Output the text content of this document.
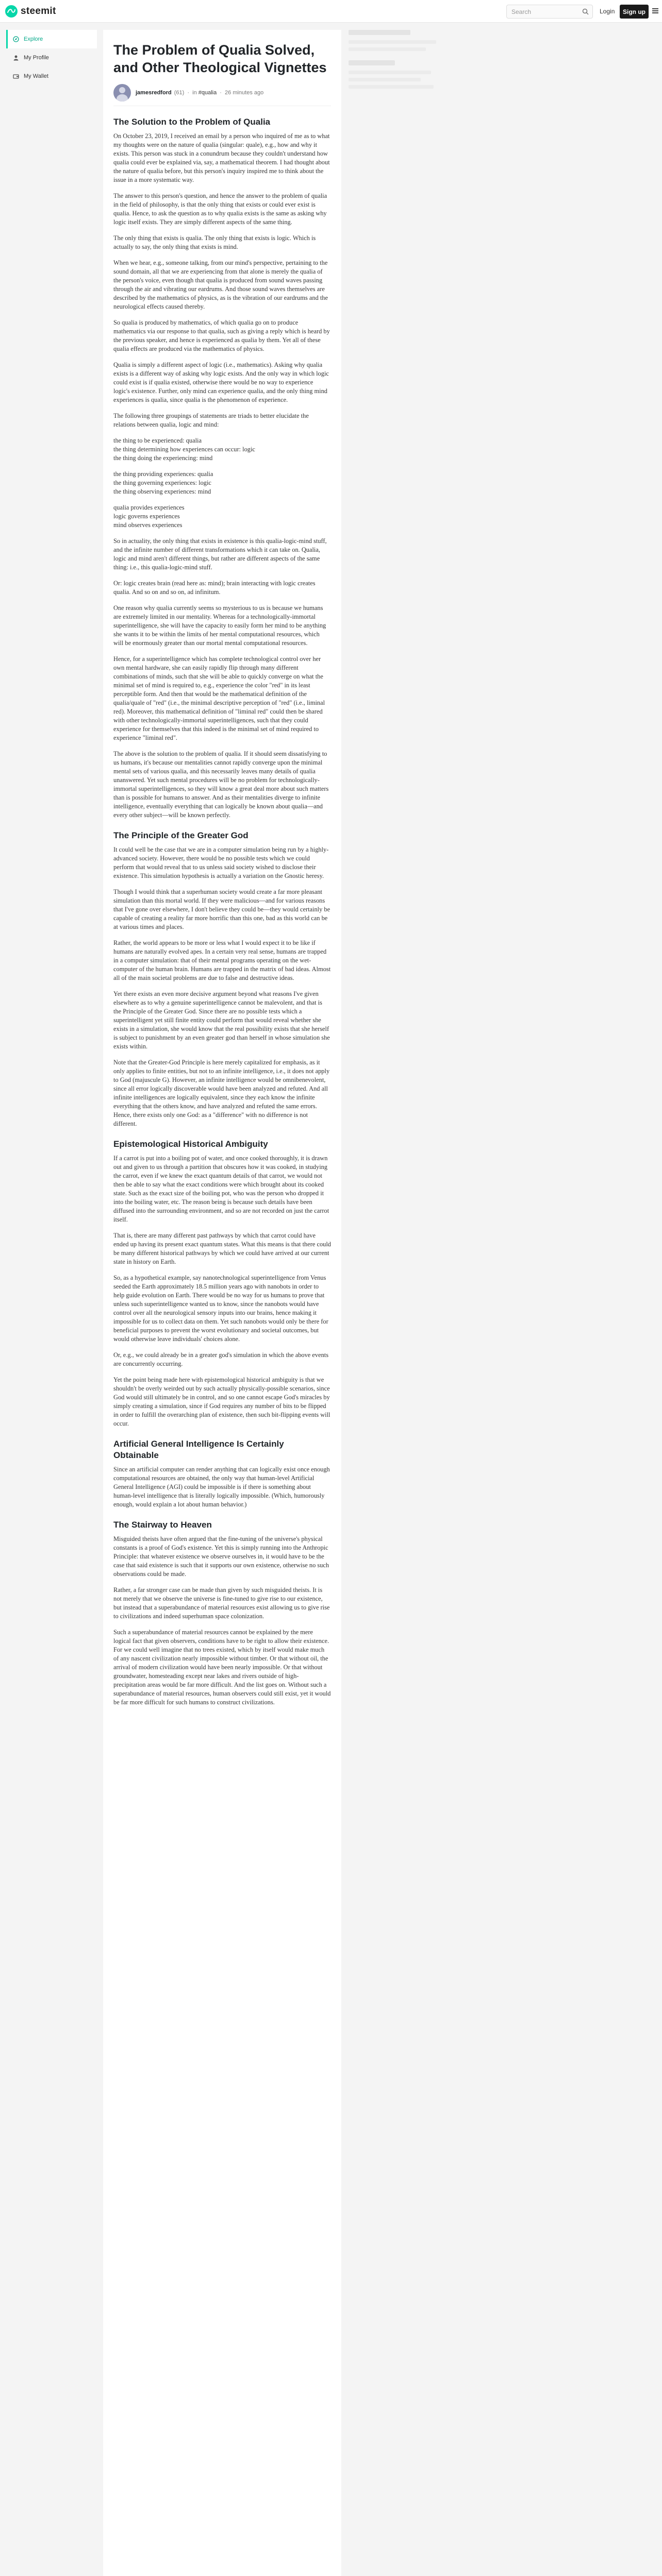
steemit
Search	Login	Sign up
Explore
My Profile
My Wallet
The Problem of Qualia Solved, and Other Theological Vignettes
jamesredford (61) · in #qualia · 26 minutes ago
The Solution to the Problem of Qualia

On October 23, 2019, I received an email by a person who inquired of me as to what my thoughts were on the nature of qualia (singular: quale), e.g., how and why it exists. This person was stuck in a conundrum because they couldn't understand how qualia could ever be explained via, say, a mathematical theorem. I had thought about the nature of qualia before, but this person's inquiry inspired me to think about the issue in a more systematic way.

The answer to this person's question, and hence the answer to the problem of qualia in the field of philosophy, is that the only thing that exists or could ever exist is qualia. Hence, to ask the question as to why qualia exists is the same as asking why logic itself exists. They are simply different aspects of the same thing.

The only thing that exists is qualia. The only thing that exists is logic. Which is actually to say, the only thing that exists is mind.

When we hear, e.g., someone talking, from our mind's perspective, pertaining to the sound domain, all that we are experiencing from that alone is merely the qualia of the person's voice, even though that qualia is produced from sound waves passing through the air and vibrating our eardrums. And those sound waves themselves are described by the mathematics of physics, as is the vibration of our eardrums and the neurological effects caused thereby.

So qualia is produced by mathematics, of which qualia go on to produce mathematics via our response to that qualia, such as giving a reply which is heard by the previous speaker, and hence is experienced as qualia by them. Yet all of these qualia effects are produced via the mathematics of physics.

Qualia is simply a different aspect of logic (i.e., mathematics). Asking why qualia exists is a different way of asking why logic exists. And the only way in which logic could exist is if qualia existed, otherwise there would be no way to experience logic's existence. Further, only mind can experience qualia, and the only thing mind experiences is qualia, since qualia is the phenomenon of experience.

The following three groupings of statements are triads to better elucidate the relations between qualia, logic and mind:

the thing to be experienced: qualia
the thing determining how experiences can occur: logic
the thing doing the experiencing: mind

the thing providing experiences: qualia
the thing governing experiences: logic
the thing observing experiences: mind

qualia provides experiences
logic governs experiences
mind observes experiences

So in actuality, the only thing that exists in existence is this qualia-logic-mind stuff, and the infinite number of different transformations which it can take on. Qualia, logic and mind aren't different things, but rather are different aspects of the same thing: i.e., this qualia-logic-mind stuff.

Or: logic creates brain (read here as: mind); brain interacting with logic creates qualia. And so on and so on, ad infinitum.

One reason why qualia currently seems so mysterious to us is because we humans are extremely limited in our mentality. Whereas for a technologically-immortal superintelligence, she will have the capacity to easily form her mind to be anything she wants it to be within the limits of her mental computational resources, which will be enormously greater than our mortal mental computational resources.

Hence, for a superintelligence which has complete technological control over her own mental hardware, she can easily rapidly flip through many different combinations of minds, such that she will be able to quickly converge on what the minimal set of mind is required to, e.g., experience the color "red" in its least perceptible form. And then that would be the mathematical definition of the qualia/quale of "red" (i.e., the minimal descriptive perception of "red" (i.e., liminal red). Moreover, this mathematical definition of "liminal red" could then be shared with other technologically-immortal superintelligences, such that they could experience for themselves that this indeed is the minimal set of mind required to experience "liminal red".

The above is the solution to the problem of qualia. If it should seem dissatisfying to us humans, it's because our mentalities cannot rapidly converge upon the minimal mental sets of various qualia, and this necessarily leaves many details of qualia unanswered. Yet such mental procedures will be no problem for technologically-immortal superintelligences, so they will know a great deal more about such matters than is possible for humans to answer. And as their mentalities diverge to infinite intelligence, eventually everything that can logically be known about qualia—and every other subject—will be known perfectly.

The Principle of the Greater God

It could well be the case that we are in a computer simulation being run by a highly-advanced society. However, there would be no possible tests which we could perform that would reveal that to us unless said society wished to disclose their existence. This simulation hypothesis is actually a variation on the Gnostic heresy.

Though I would think that a superhuman society would create a far more pleasant simulation than this mortal world. If they were malicious—and for various reasons that I've gone over elsewhere, I don't believe they could be—they would certainly be capable of creating a reality far more horrific than this one, bad as this world can be at various times and places.

Rather, the world appears to be more or less what I would expect it to be like if humans are naturally evolved apes. In a certain very real sense, humans are trapped in a computer simulation: that of their mental programs operating on the wet-computer of the human brain. Humans are trapped in the matrix of bad ideas. Almost all of the main societal problems are due to false and destructive ideas.

Yet there exists an even more decisive argument beyond what reasons I've given elsewhere as to why a genuine superintelligence cannot be malevolent, and that is the Principle of the Greater God. Since there are no possible tests which a superintelligent yet still finite entity could perform that would reveal whether she exists in a simulation, she would know that the real possibility exists that she herself is subject to punishment by an even greater god than herself in whose simulation she exists within.

Note that the Greater-God Principle is here merely capitalized for emphasis, as it only applies to finite entities, but not to an infinite intelligence, i.e., it does not apply to God (majuscule G). However, an infinite intelligence would be omnibenevolent, since all error logically discoverable would have been analyzed and refuted. And all infinite intelligences are logically equivalent, since they each know the infinite everything that the others know, and have analyzed and refuted the same errors. Hence, there exists only one God: as a "difference" with no difference is not different.

Epistemological Historical Ambiguity

If a carrot is put into a boiling pot of water, and once cooked thoroughly, it is drawn out and given to us through a partition that obscures how it was cooked, in studying the carrot, even if we knew the exact quantum details of that carrot, we would not then be able to say what the exact conditions were which brought about its cooked state. Such as the exact size of the boiling pot, who was the person who dropped it into the boiling water, etc. The reason being is because such details have been diffused into the surrounding environment, and so are not recorded on just the carrot itself.

That is, there are many different past pathways by which that carrot could have ended up having its present exact quantum states. What this means is that there could be many different historical pathways by which we could have arrived at our current state in history on Earth.

So, as a hypothetical example, say nanotechnological superintelligence from Venus seeded the Earth approximately 18.5 million years ago with nanobots in order to help guide evolution on Earth. There would be no way for us humans to prove that unless such superintelligence wanted us to know, since the nanobots would have control over all the neurological sensory inputs into our brains, hence making it impossible for us to collect data on them. Yet such nanobots would only be there for beneficial purposes to prevent the worst evolutionary and societal outcomes, but would otherwise leave individuals' choices alone.

Or, e.g., we could already be in a greater god's simulation in which the above events are concurrently occurring.

Yet the point being made here with epistemological historical ambiguity is that we shouldn't be overly weirded out by such actually physically-possible scenarios, since God would still ultimately be in control, and so one cannot escape God's miracles by simply creating a simulation, since if God requires any number of bits to be flipped in order to fulfill the overarching plan of existence, then such bit-flipping events will occur.

Artificial General Intelligence Is Certainly Obtainable

Since an artificial computer can render anything that can logically exist once enough computational resources are obtained, the only way that human-level Artificial General Intelligence (AGI) could be impossible is if there is something about human-level intelligence that is literally logically impossible. (Which, humorously enough, would explain a lot about human behavior.)

The Stairway to Heaven

Misguided theists have often argued that the fine-tuning of the universe's physical constants is a proof of God's existence. Yet this is simply running into the Anthropic Principle: that whatever existence we observe ourselves in, it would have to be the case that said existence is such that it supports our own existence, otherwise no such observations could be made.

Rather, a far stronger case can be made than given by such misguided theists. It is not merely that we observe the universe is fine-tuned to give rise to our existence, but instead that a superabundance of material resources exist allowing us to give rise to civilizations and indeed superhuman space colonization.

Such a superabundance of material resources cannot be explained by the mere logical fact that given observers, conditions have to be right to allow their existence. For we could well imagine that no trees existed, which by itself would make much of any nascent civilization nearly impossible without timber. Or that without oil, the arrival of modern civilization would have been nearly impossible. Or that without groundwater, homesteading except near lakes and rivers outside of high-precipitation areas would be far more difficult. And the list goes on. Without such a superabundance of material resources, human observers could still exist, yet it would be far more difficult for such humans to construct civilizations.
